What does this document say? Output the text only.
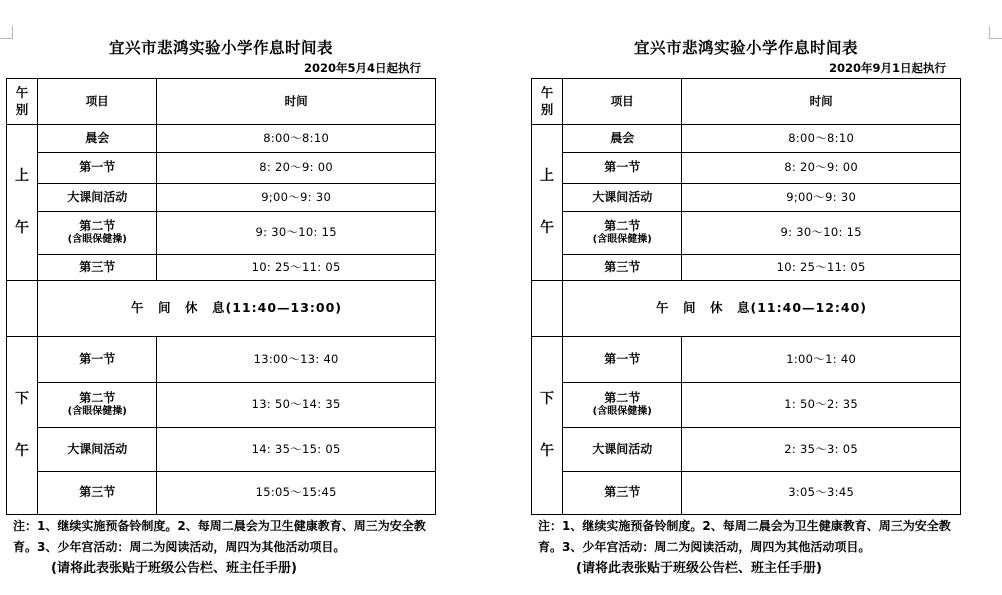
宜兴市悲鸿实验小学作息时间表
2020年5月4日起执行
午
别	项目	时间
上

午	晨会	8:00～8:10
	第一节	8: 20～9: 00
	大课间活动	9;00～9: 30
	第二节
(含眼保健操)	9: 30～10: 15
	第三节	10: 25～11: 05
	午　间　休　息(11:40—13:00)	
下

午	第一节	13:00～13: 40
	第二节
(含眼保健操)	13: 50～14: 35
	大课间活动	14: 35～15: 05
	第三节	15:05～15:45
注：1、继续实施预备铃制度。2、每周二晨会为卫生健康教育、周三为安全教育。3、少年宫活动：周二为阅读活动，周四为其他活动项目。
(请将此表张贴于班级公告栏、班主任手册)
宜兴市悲鸿实验小学作息时间表
2020年9月1日起执行
午
别	项目	时间
上

午	晨会	8:00～8:10
	第一节	8: 20～9: 00
	大课间活动	9;00～9: 30
	第二节
(含眼保健操)	9: 30～10: 15
	第三节	10: 25～11: 05
	午　间　休　息(11:40—12:40)	
下

午	第一节	1:00～1: 40
	第二节
(含眼保健操)	1: 50～2: 35
	大课间活动	2: 35～3: 05
	第三节	3:05～3:45
注：1、继续实施预备铃制度。2、每周二晨会为卫生健康教育、周三为安全教育。3、少年宫活动：周二为阅读活动，周四为其他活动项目。
(请将此表张贴于班级公告栏、班主任手册)
